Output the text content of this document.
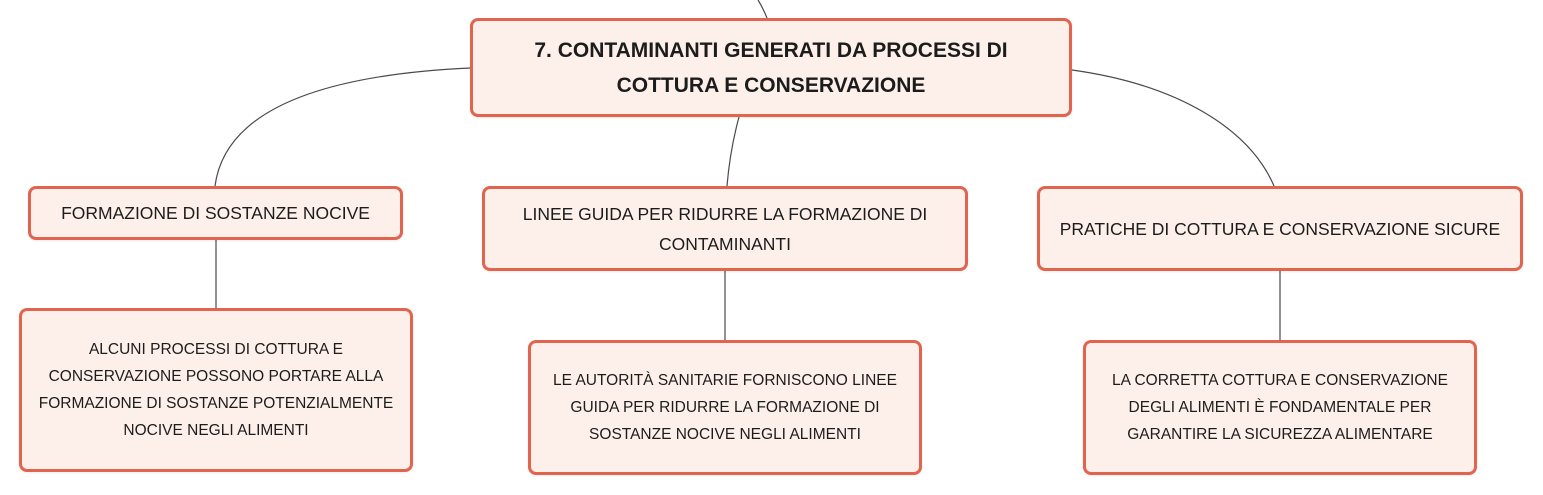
7. CONTAMINANTI GENERATI DA PROCESSI DI COTTURA E CONSERVAZIONE
FORMAZIONE DI SOSTANZE NOCIVE	LINEE GUIDA PER RIDURRE LA FORMAZIONE DI CONTAMINANTI
PRATICHE DI COTTURA E CONSERVAZIONE SICURE
ALCUNI PROCESSI DI COTTURA E CONSERVAZIONE POSSONO PORTARE ALLA FORMAZIONE DI SOSTANZE POTENZIALMENTE NOCIVE NEGLI ALIMENTI
LE AUTORITÀ SANITARIE FORNISCONO LINEE GUIDA PER RIDURRE LA FORMAZIONE DI SOSTANZE NOCIVE NEGLI ALIMENTI
LA CORRETTA COTTURA E CONSERVAZIONE DEGLI ALIMENTI È FONDAMENTALE PER GARANTIRE LA SICUREZZA ALIMENTARE
